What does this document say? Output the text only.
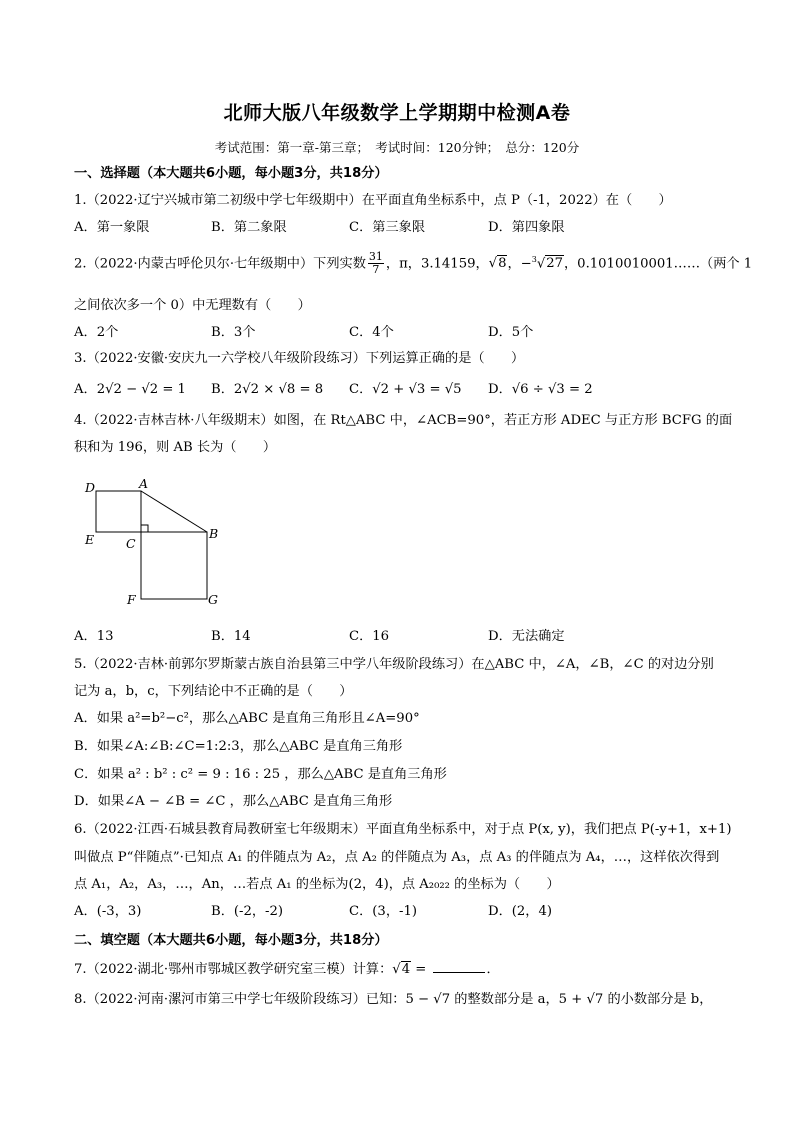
北师大版八年级数学上学期期中检测A卷
考试范围：第一章-第三章；　考试时间：120分钟；　总分：120分
一、选择题（本大题共6小题，每小题3分，共18分）
1.（2022·辽宁兴城市第二初级中学七年级期中）在平面直角坐标系中，点 P（-1，2022）在（　　）
A．第一象限	B．第二象限	C．第三象限	D．第四象限
2.（2022·内蒙古呼伦贝尔·七年级期中）下列实数 $\frac{31}{7}$ ，π，3.14159，√8，−$^3$√27，0.1010010001……（两个 1
之间依次多一个 0）中无理数有（　　）
A．2个	B．3个	C．4个	D．5个
3.（2022·安徽·安庆九一六学校八年级阶段练习）下列运算正确的是（　　）
A．2√2 − √2 = 1 B．2√2 × √8 = 8 C．√2 + √3 = √5 D．√6 ÷ √3 = 2
4.（2022·吉林吉林·八年级期末）如图，在 Rt△ABC 中，∠ACB=90°，若正方形 ADEC 与正方形 BCFG 的面
积和为 196，则 AB 长为（　　）
D	A
B
E	C
F	G
A．13	B．14	C．16	D．无法确定
5.（2022·吉林·前郭尔罗斯蒙古族自治县第三中学八年级阶段练习）在△ABC 中，∠A，∠B，∠C 的对边分别
记为 a，b，c，下列结论中不正确的是（　　）
A．如果 a²=b²−c²，那么△ABC 是直角三角形且∠A=90°
B．如果∠A:∠B:∠C=1:2:3，那么△ABC 是直角三角形
C．如果 a² : b² : c² = 9 : 16 : 25 ，那么△ABC 是直角三角形
D．如果∠A − ∠B = ∠C ，那么△ABC 是直角三角形
6.（2022·江西·石城县教育局教研室七年级期末）平面直角坐标系中，对于点 P(x, y)，我们把点 P(-y+1，x+1)
叫做点 P“伴随点”·已知点 A₁ 的伴随点为 A₂，点 A₂ 的伴随点为 A₃，点 A₃ 的伴随点为 A₄，…，这样依次得到
点 A₁，A₂，A₃，…，An，…若点 A₁ 的坐标为(2，4)，点 A₂₀₂₂ 的坐标为（　　）
A．(-3，3)	B．(-2，-2)	C．(3，-1)	D．(2，4)
二、填空题（本大题共6小题，每小题3分，共18分）
7.（2022·湖北·鄂州市鄂城区教学研究室三模）计算：√4 =	．
8.（2022·河南·漯河市第三中学七年级阶段练习）已知：5 − √7 的整数部分是 a，5 + √7 的小数部分是 b，
